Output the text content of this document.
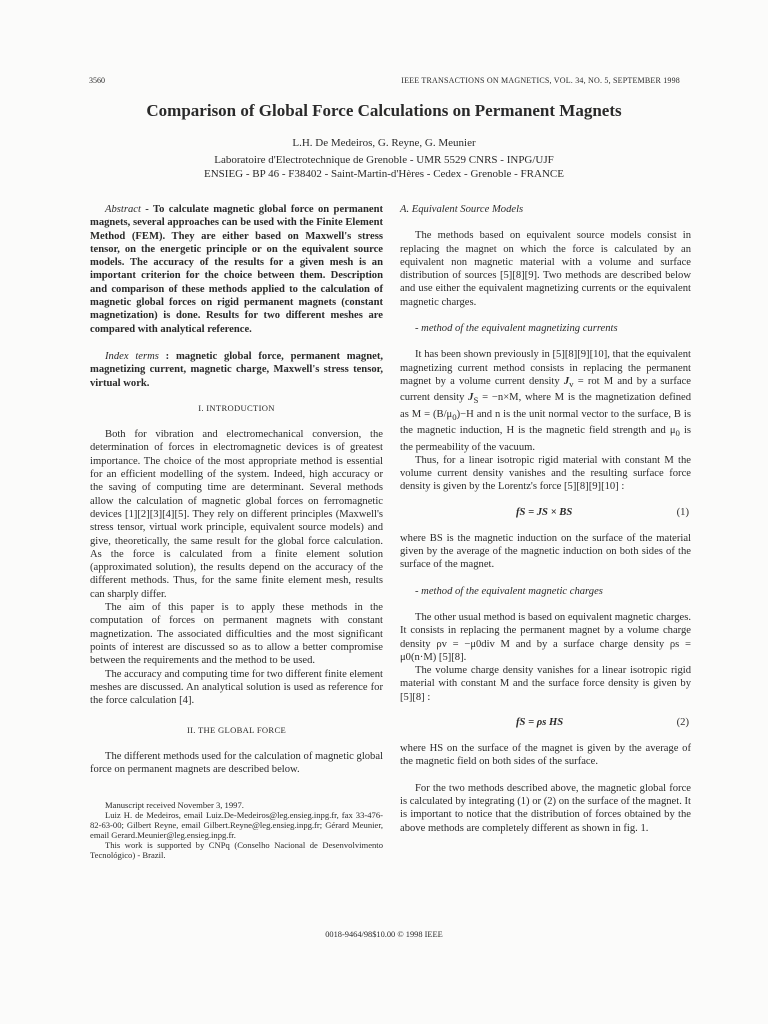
3560	IEEE TRANSACTIONS ON MAGNETICS, VOL. 34, NO. 5, SEPTEMBER 1998
Comparison of Global Force Calculations on Permanent Magnets
L.H. De Medeiros, G. Reyne, G. Meunier
Laboratoire d'Electrotechnique de Grenoble - UMR 5529 CNRS - INPG/UJF
ENSIEG - BP 46 - F38402 - Saint-Martin-d'Hères - Cedex - Grenoble - FRANCE

Abstract - To calculate magnetic global force on permanent magnets, several approaches can be used with the Finite Element Method (FEM). They are either based on Maxwell's stress tensor, on the energetic principle or on the equivalent source models. The accuracy of the results for a given mesh is an important criterion for the choice between them. Description and comparison of these methods applied to the calculation of magnetic global forces on rigid permanent magnets (constant magnetization) is done. Results for two different meshes are compared with analytical reference.

Index terms : magnetic global force, permanent magnet, magnetizing current, magnetic charge, Maxwell's stress tensor, virtual work.

I. INTRODUCTION

Both for vibration and electromechanical conversion, the determination of forces in electromagnetic devices is of greatest importance. The choice of the most appropriate method is essential for an efficient modelling of the system. Indeed, high accuracy or the saving of computing time are determinant. Several methods allow the calculation of magnetic global forces on ferromagnetic devices [1][2][3][4][5]. They rely on different principles (Maxwell's stress tensor, virtual work principle, equivalent source models) and give, theoretically, the same result for the global force calculation. As the force is calculated from a finite element solution (approximated solution), the results depend on the accuracy of the different methods. Thus, for the same finite element mesh, results can sharply differ.

The aim of this paper is to apply these methods in the computation of forces on permanent magnets with constant magnetization. The associated difficulties and the most significant points of interest are discussed so as to allow a better compromise between the requirements and the method to be used.

The accuracy and computing time for two different finite element meshes are discussed. An analytical solution is used as reference for the force calculation [4].

II. THE GLOBAL FORCE

The different methods used for the calculation of magnetic global force on permanent magnets are described below.

Manuscript received November 3, 1997.

Luiz H. de Medeiros, email Luiz.De-Medeiros@leg.ensieg.inpg.fr, fax 33-476-82-63-00; Gilbert Reyne, email Gilbert.Reyne@leg.ensieg.inpg.fr; Gérard Meunier, email Gerard.Meunier@leg.ensieg.inpg.fr.

This work is supported by CNPq (Conselho Nacional de Desenvolvimento Tecnológico) - Brazil.

A. Equivalent Source Models

The methods based on equivalent source models consist in replacing the magnet on which the force is calculated by an equivalent non magnetic material with a volume and surface distribution of sources [5][8][9]. Two methods are described below and use either the equivalent magnetizing currents or the equivalent magnetic charges.

- method of the equivalent magnetizing currents

It has been shown previously in [5][8][9][10], that the equivalent magnetizing current method consists in replacing the permanent magnet by a volume current density $J_v$ = rot M and by a surface current density $J_S = -n\times M$, where M is the magnetization defined as $M = (B/\mu_0)-H$ and n is the unit normal vector to the surface, B is the magnetic induction, H is the magnetic field strength and $\mu_0$ is the permeability of the vacuum.

Thus, for a linear isotropic rigid material with constant M the volume current density vanishes and the resulting surface force density is given by the Lorentz's force [5][8][9][10] :

fS = JS × BS	(1)

where BS is the magnetic induction on the surface of the material given by the average of the magnetic induction on both sides of the surface of the magnet.

- method of the equivalent magnetic charges

The other usual method is based on equivalent magnetic charges. It consists in replacing the permanent magnet by a volume charge density ρv = −μ0div M and by a surface charge density ρs = μ0(n·M) [5][8].

The volume charge density vanishes for a linear isotropic rigid material with constant M and the surface force density is given by [5][8] :

fS = ρs HS	(2)

where HS on the surface of the magnet is given by the average of the magnetic field on both sides of the surface.

For the two methods described above, the magnetic global force is calculated by integrating (1) or (2) on the surface of the magnet. It is important to notice that the distribution of forces obtained by the above methods are completely different as shown in fig. 1.

0018-9464/98$10.00 © 1998 IEEE
